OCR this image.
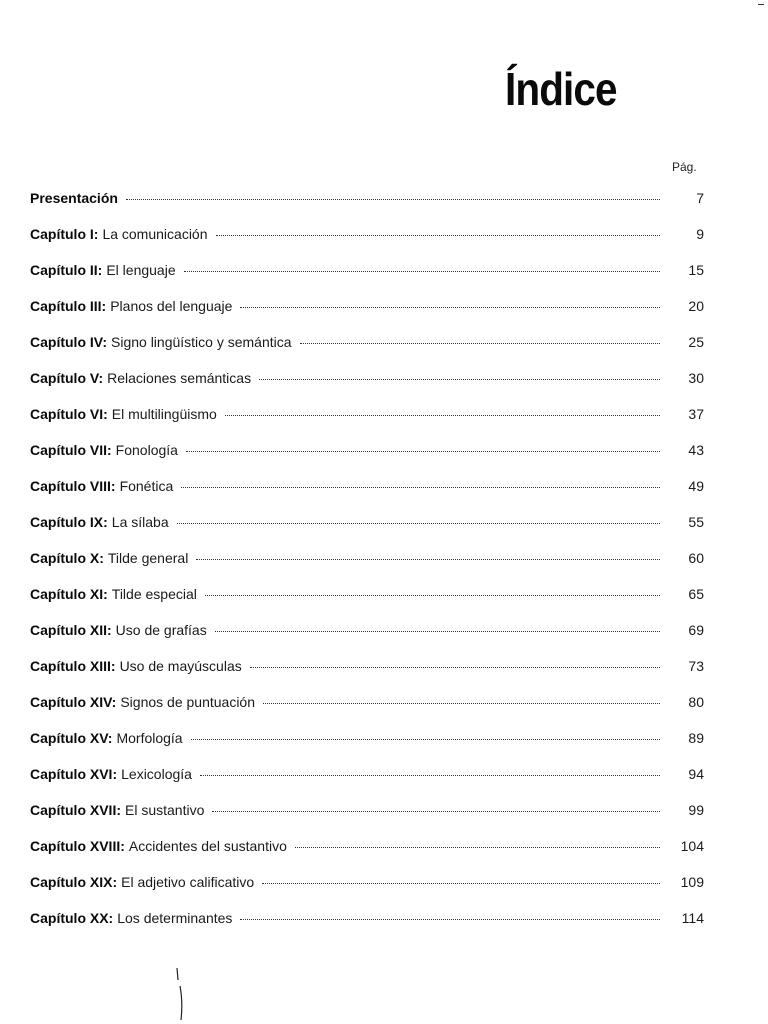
Índice
Pág.
Presentación	7
Capítulo I: La comunicación	9
Capítulo II: El lenguaje	15
Capítulo III: Planos del lenguaje	20
Capítulo IV: Signo lingüístico y semántica	25
Capítulo V: Relaciones semánticas	30
Capítulo VI: El multilingüismo	37
Capítulo VII: Fonología	43
Capítulo VIII: Fonética	49
Capítulo IX: La sílaba	55
Capítulo X: Tilde general	60
Capítulo XI: Tilde especial	65
Capítulo XII: Uso de grafías	69
Capítulo XIII: Uso de mayúsculas	73
Capítulo XIV: Signos de puntuación	80
Capítulo XV: Morfología	89
Capítulo XVI: Lexicología	94
Capítulo XVII: El sustantivo	99
Capítulo XVIII: Accidentes del sustantivo	104
Capítulo XIX: El adjetivo calificativo	109
Capítulo XX: Los determinantes	114
